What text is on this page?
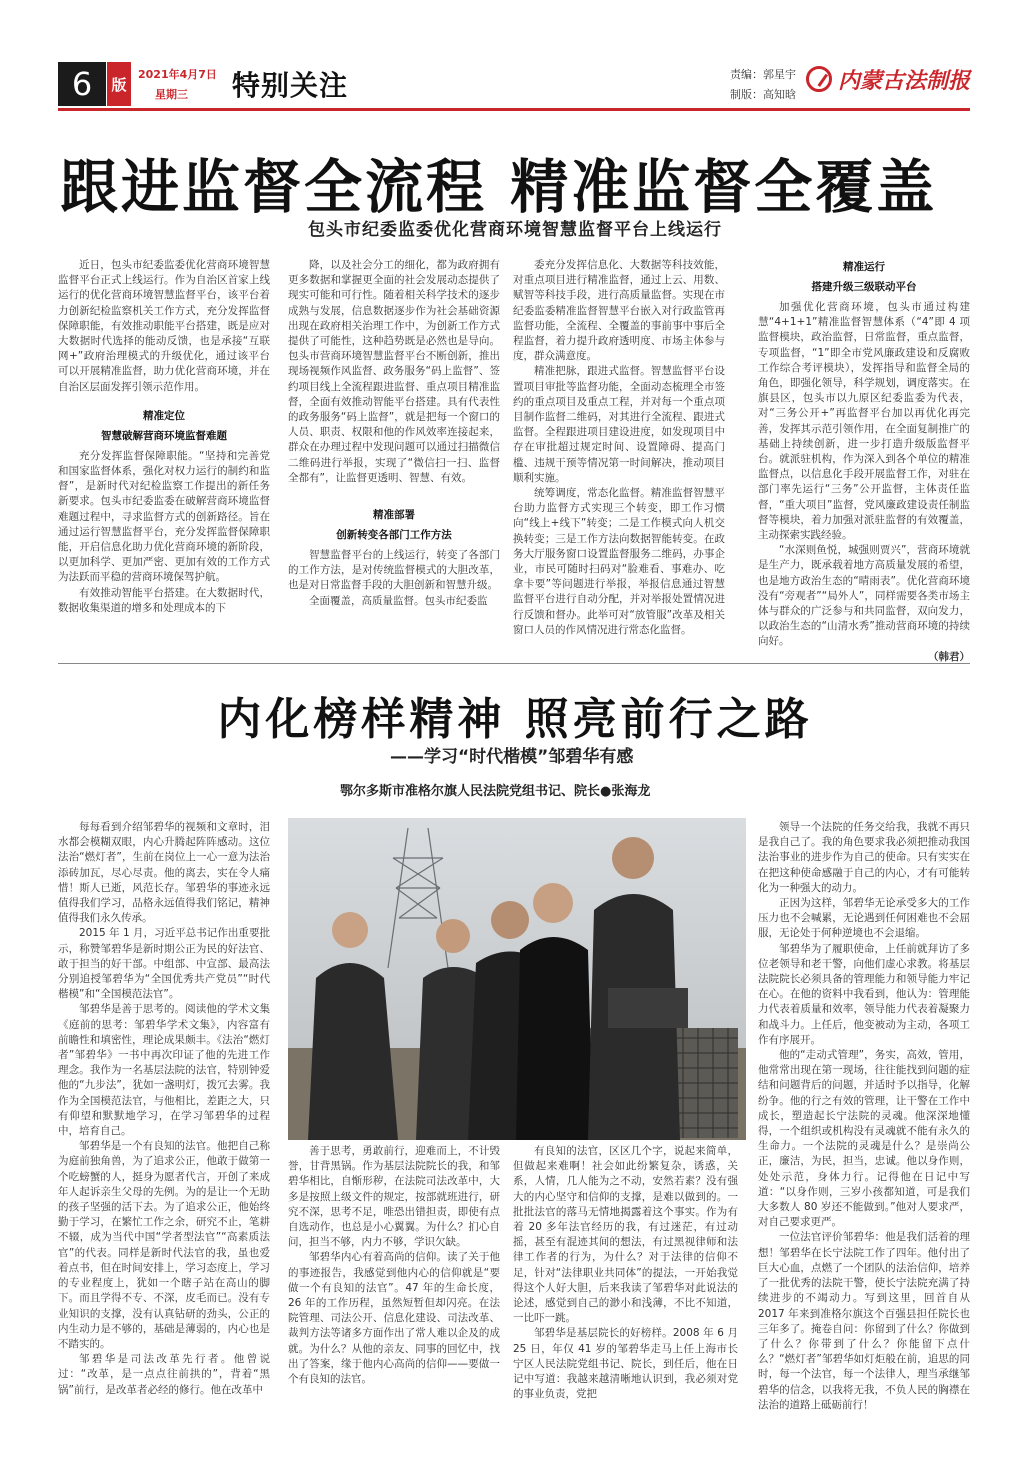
6	版
2021年4月7日
星期三 特别关注	责编：郭星宇
制版：高知晗
内蒙古法制报
跟进监督全流程 精准监督全覆盖
包头市纪委监委优化营商环境智慧监督平台上线运行

近日，包头市纪委监委优化营商环境智慧监督平台正式上线运行。作为自治区首家上线运行的优化营商环境智慧监督平台，该平台着力创新纪检监察机关工作方式，充分发挥监督保障职能，有效推动职能平台搭建，既是应对大数据时代选择的能动反馈，也是承接“互联网+”政府治理模式的升级优化，通过该平台可以开展精准监督，助力优化营商环境，并在自治区层面发挥引领示范作用。

精准定位
智慧破解营商环境监督难题

充分发挥监督保障职能。“坚持和完善党和国家监督体系，强化对权力运行的制约和监督”，是新时代对纪检监察工作提出的新任务新要求。包头市纪委监委在破解营商环境监督难题过程中，寻求监督方式的创新路径。旨在通过运行智慧监督平台，充分发挥监督保障职能，开启信息化助力优化营商环境的新阶段，以更加科学、更加严密、更加有效的工作方式为法跃而平稳的营商环境保驾护航。

有效推动智能平台搭建。在大数据时代，数据收集渠道的增多和处理成本的下

降，以及社会分工的细化，都为政府拥有更多数据和掌握更全面的社会发展动态提供了现实可能和可行性。随着相关科学技术的逐步成熟与发展，信息数据逐步作为社会基础资源出现在政府相关治理工作中，为创新工作方式提供了可能性，这种趋势既是必然也是导向。包头市营商环境智慧监督平台不断创新，推出现场视频作风监督、政务服务“码上监督”、签约项目线上全流程跟进监督、重点项目精准监督，全面有效推动智能平台搭建。具有代表性的政务服务“码上监督”，就是把每一个窗口的人员、职责、权限和他的作风效率连接起来，群众在办理过程中发现问题可以通过扫描微信二维码进行举报，实现了“微信扫一扫、监督全都有”，让监督更透明、智慧、有效。

精准部署
创新转变各部门工作方法

智慧监督平台的上线运行，转变了各部门的工作方法，是对传统监督模式的大胆改革，也是对日常监督手段的大胆创新和智慧升级。

全面覆盖，高质量监督。包头市纪委监

委充分发挥信息化、大数据等科技效能，对重点项目进行精准监督，通过上云、用数、赋智等科技手段，进行高质量监督。实现在市纪委监委精准监督智慧平台嵌入对行政监管再监督功能，全流程、全覆盖的事前事中事后全程监督，着力提升政府透明度、市场主体参与度，群众满意度。

精准把脉，跟进式监督。智慧监督平台设置项目审批等监督功能，全面动态梳理全市签约的重点项目及重点工程，并对每一个重点项目制作监督二维码，对其进行全流程、跟进式监督。全程跟进项目建设进度，如发现项目中存在审批超过规定时间、设置障碍、提高门槛、违规干预等情况第一时间解决，推动项目顺利实施。

统筹调度，常态化监督。精准监督智慧平台助力监督方式实现三个转变，即工作习惯向“线上+线下”转变；二是工作模式向人机交换转变；三是工作方法向数据智能转变。在政务大厅服务窗口设置监督服务二维码，办事企业，市民可随时扫码对“脸难看、事难办、吃拿卡要”等问题进行举报，举报信息通过智慧监督平台进行自动分配，并对举报处置情况进行反馈和督办。此举可对“放管服”改革及相关窗口人员的作风情况进行常态化监督。

精准运行
搭建升级三级联动平台

加强优化营商环境，包头市通过构建慧“4+1+1”精准监督智慧体系（“4”即 4 项监督模块，政治监督，日常监督，重点监督，专项监督，“1”即全市党风廉政建设和反腐败工作综合考评模块），发挥指导和监督全局的角色，即强化领导，科学规划，调度落实。在旗县区，包头市以九原区纪委监委为代表，对“三务公开+”再监督平台加以再优化再完善，发挥其示范引领作用，在全面复制推广的基础上持续创新，进一步打造升级版监督平台。就派驻机构，作为深入到各个单位的精准监督点，以信息化手段开展监督工作，对驻在部门率先运行“三务”公开监督，主体责任监督，“重大项目”监督，党风廉政建设责任制监督等模块，着力加强对派驻监督的有效覆盖，主动探索实践经验。

“水深则鱼悦，城强则贾兴”，营商环境就是生产力，既承载着地方高质量发展的希望，也是地方政治生态的“晴雨表”。优化营商环境没有“旁观者”“局外人”，同样需要各类市场主体与群众的广泛参与和共同监督，双向发力，以政治生态的“山清水秀”推动营商环境的持续向好。

（韩君）
内化榜样精神 照亮前行之路
——学习“时代楷模”邹碧华有感
鄂尔多斯市准格尔旗人民法院党组书记、院长●张海龙

每每看到介绍邹碧华的视频和文章时，泪水都会模糊双眼，内心升腾起阵阵感动。这位法治“燃灯者”，生前在岗位上一心一意为法治添砖加瓦，尽心尽责。他的离去，实在令人痛惜！斯人已逝，风范长存。邹碧华的事迹永远值得我们学习，品格永远值得我们铭记，精神值得我们永久传承。

2015 年 1 月，习近平总书记作出重要批示，称赞邹碧华是新时期公正为民的好法官、敢于担当的好干部。中组部、中宣部、最高法分别追授邹碧华为“全国优秀共产党员”“时代楷模”和“全国模范法官”。

邹碧华是善于思考的。阅读他的学术文集《庭前的思考：邹碧华学术文集》，内容富有前瞻性和填密性，理论成果颇丰。《法治“燃灯者”邹碧华》一书中再次印证了他的先进工作理念。我作为一名基层法院的法官，特别钟爱他的“九步法”，犹如一盏明灯，拨冗去雾。我作为全国模范法官，与他相比，差距之大，只有仰望和默默地学习，在学习邹碧华的过程中，培育自己。

邹碧华是一个有良知的法官。他把自己称为庭前独角兽，为了追求公正，他敢于做第一个吃螃蟹的人，挺身为愿者代言，开创了来成年人起诉亲生父母的先例。为的是让一个无助的孩子坚强的活下去。为了追求公正，他始终勤于学习，在繁忙工作之余，研究不止，笔耕不辍，成为当代中国“学者型法官”“高素质法官”的代表。同样是新时代法官的我，虽也爱着点书，但在时间安排上，学习态度上，学习的专业程度上，犹如一个瞎子站在高山的脚下。而且学得不专、不深，皮毛而已。没有专业知识的支撑，没有认真钻研的劲头，公正的内生动力是不够的，基础是薄弱的，内心也是不踏实的。

邹碧华是司法改革先行者。他曾说过：“改革，是一点点往前拱的”，背着“黑锅”前行，是改革者必经的修行。他在改革中

善于思考，勇敢前行，迎难而上，不计毁誉，甘背黑锅。作为基层法院院长的我，和邹碧华相比，自惭形秽，在法院司法改革中，大多是按照上级文件的规定，按部就班进行，研究不深，思考不足，唯恐出错担责，即使有点自选动作，也总是小心翼翼。为什么？扪心自问，担当不够，内力不够，学识欠缺。

邹碧华内心有着高尚的信仰。读了关于他的事迹报告，我感觉到他内心的信仰就是“要做一个有良知的法官”。47 年的生命长度，26 年的工作历程，虽然短暂但却闪亮。在法院管理、司法公开、信息化建设、司法改革、裁判方法等诸多方面作出了常人难以企及的成就。为什么？从他的亲友、同事的回忆中，找出了答案，缘于他内心高尚的信仰——要做一个有良知的法官。

有良知的法官，区区几个字，说起来简单，但做起来难啊！社会如此纷繁复杂，诱惑，关系，人情，几人能为之不动，安然若素？没有强大的内心坚守和信仰的支撑，是难以做到的。一批批法官的落马无情地揭露着这个事实。作为有着 20 多年法官经历的我，有过迷茫，有过动摇，甚至有混迹其间的想法，有过黑视律师和法律工作者的行为，为什么？对于法律的信仰不足，针对“法律职业共同体”的提法，一开始我觉得这个人好大胆，后来我读了邹碧华对此说法的论述，感觉到自己的渺小和浅薄，不比不知道，一比吓一跳。

邹碧华是基层院长的好榜样。2008 年 6 月 25 日，年仅 41 岁的邹碧华走马上任上海市长宁区人民法院党组书记、院长，到任后，他在日记中写道：我越来越清晰地认识到，我必须对党的事业负责，党把

领导一个法院的任务交给我，我就不再只是我自己了。我的角色要求我必须把推动我国法治事业的进步作为自己的使命。只有实实在在把这种使命感融于自己的内心，才有可能转化为一种强大的动力。

正因为这样，邹碧华无论承受多大的工作压力也不会喊累，无论遇到任何困难也不会屈服，无论处于何种逆境也不会退缩。

邹碧华为了履职使命，上任前就拜访了多位老领导和老干警，向他们虚心求教。将基层法院院长必须具备的管理能力和领导能力牢记在心。在他的资料中我看到，他认为：管理能力代表着质量和效率，领导能力代表着凝聚力和战斗力。上任后，他变被动为主动，各项工作有序展开。

他的“走动式管理”，务实，高效，管用，他常常出现在第一现场，往往能找到问题的症结和问题背后的问题，并适时予以指导，化解纷争。他的行之有效的管理，让干警在工作中成长，塑造起长宁法院的灵魂。他深深地懂得，一个组织或机构没有灵魂就不能有永久的生命力。一个法院的灵魂是什么？是崇尚公正，廉洁，为民，担当，忠诚。他以身作则，处处示范，身体力行。记得他在日记中写道：“以身作则，三岁小孩都知道，可是我们大多数人 80 岁还不能做到。”他对人要求严，对自己要求更严。

一位法官评价邹碧华：他是我们活着的理想！邹碧华在长宁法院工作了四年。他付出了巨大心血，点燃了一个团队的法治信仰，培养了一批优秀的法院干警，使长宁法院充满了持续进步的不竭动力。写到这里，回首自从 2017 年来到准格尔旗这个百强县担任院长也三年多了。掩卷自问：你留到了什么？你做到了什么？你带到了什么？你能留下点什么？“燃灯者”邹碧华如灯炬般在前，追思的同时，每一个法官，每一个法律人，理当承继邹碧华的信念，以我将无我，不负人民的胸襟在法治的道路上砥砺前行！
